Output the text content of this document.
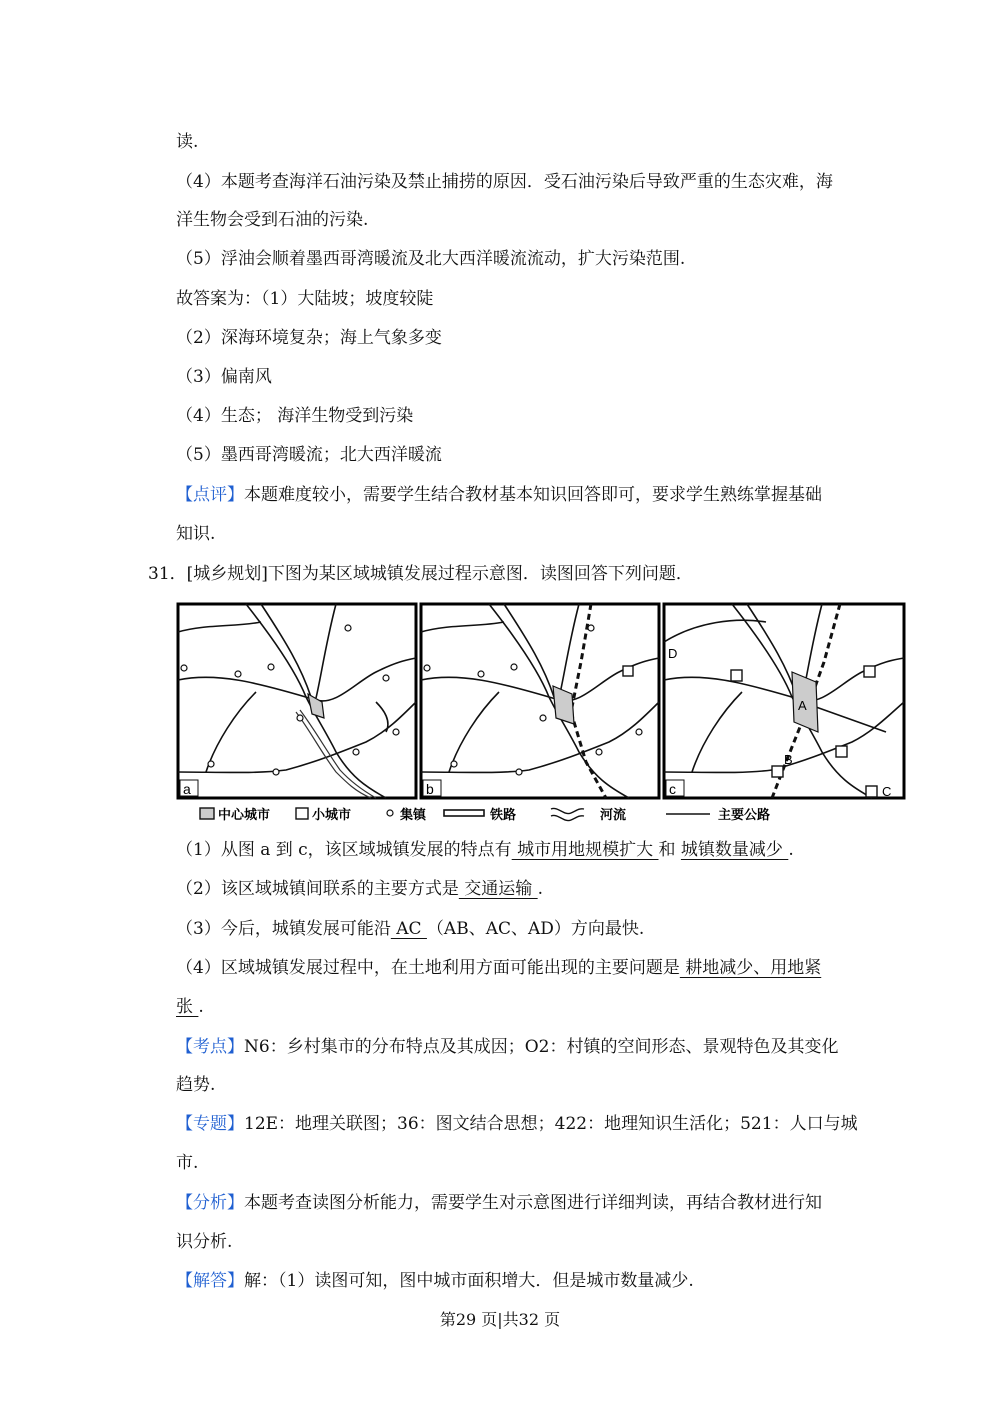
读.
（4）本题考查海洋石油污染及禁止捕捞的原因．受石油污染后导致严重的生态灾难，海
洋生物会受到石油的污染.
（5）浮油会顺着墨西哥湾暖流及北大西洋暖流流动，扩大污染范围.
故答案为：（1）大陆坡；坡度较陡
（2）深海环境复杂；海上气象多变
（3）偏南风
（4）生态； 海洋生物受到污染
（5）墨西哥湾暖流；北大西洋暖流
【点评】本题难度较小，需要学生结合教材基本知识回答即可，要求学生熟练掌握基础
知识.
31．[城乡规划]下图为某区域城镇发展过程示意图．读图回答下列问题．
a	b
D
A
B
C
c
中心城市	小城市	集镇	铁路	河流	主要公路
（1）从图 a 到 c，该区域城镇发展的特点有 城市用地规模扩大 和 城镇数量减少 .
（2）该区域城镇间联系的主要方式是 交通运输 .
（3）今后，城镇发展可能沿 AC （AB、AC、AD）方向最快.
（4）区域城镇发展过程中，在土地利用方面可能出现的主要问题是 耕地减少、用地紧
张 .
【考点】N6：乡村集市的分布特点及其成因；O2：村镇的空间形态、景观特色及其变化
趋势.
【专题】12E：地理关联图；36：图文结合思想；422：地理知识生活化；521：人口与城
市.
【分析】本题考查读图分析能力，需要学生对示意图进行详细判读，再结合教材进行知
识分析.
【解答】解：（1）读图可知，图中城市面积增大．但是城市数量减少.
第29 页|共32 页
